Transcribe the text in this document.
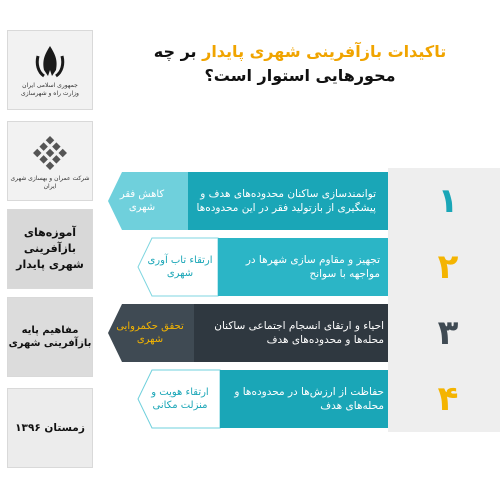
جمهوری اسلامی ایران
وزارت راه و شهرسازی
شرکت عمران و بهسازی شهری ایران
آموزه‌های بازآفرینی شهری پایدار
مفاهیم پایه بازآفرینی شهری
زمستان ۱۳۹۶
تاکیدات بازآفرینی شهری پایدار بر چه
محورهایی استوار است؟
کاهش فقر شهری
توانمندسازی ساکنان محدوده‌های هدف و پیشگیری از بازتولید فقر در این محدوده‌ها	۱
ارتقاء تاب آوری شهری
تجهیز و مقاوم سازی شهرها در مواجهه با سوانح	۲
تحقق حکمروایی شهری
احیاء و ارتقای انسجام اجتماعی ساکنان محله‌ها و محدوده‌های هدف	۳
ارتقاء هویت و منزلت مکانی
حفاظت از ارزش‌ها در محدوده‌ها و محله‌های هدف	۴
